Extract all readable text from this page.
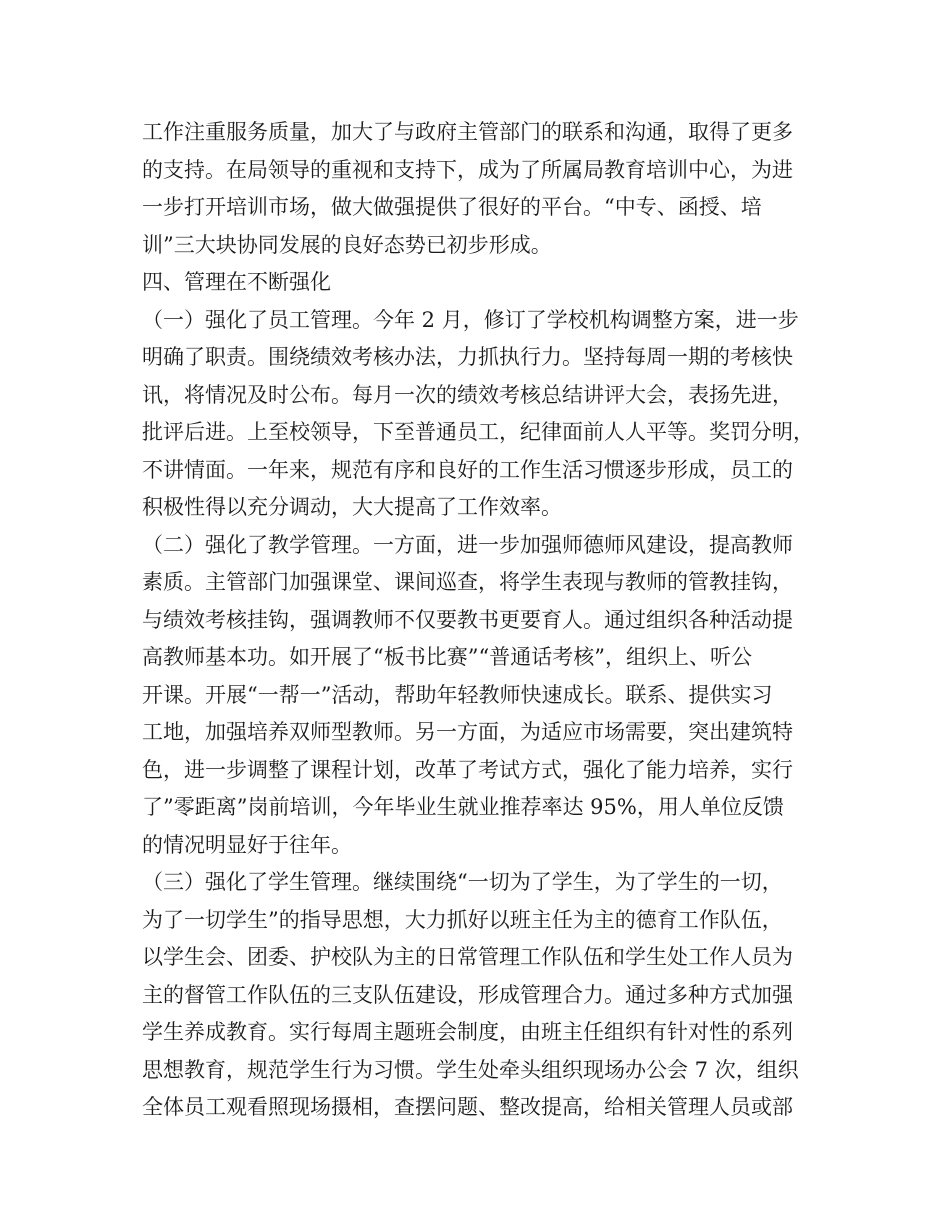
工作注重服务质量，加大了与政府主管部门的联系和沟通，取得了更多
的支持。在局领导的重视和支持下，成为了所属局教育培训中心，为进
一步打开培训市场，做大做强提供了很好的平台。“中专、函授、培
训”三大块协同发展的良好态势已初步形成。
四、管理在不断强化
（一）强化了员工管理。今年 2 月，修订了学校机构调整方案，进一步
明确了职责。围绕绩效考核办法，力抓执行力。坚持每周一期的考核快
讯，将情况及时公布。每月一次的绩效考核总结讲评大会，表扬先进，
批评后进。上至校领导，下至普通员工，纪律面前人人平等。奖罚分明，
不讲情面。一年来，规范有序和良好的工作生活习惯逐步形成，员工的
积极性得以充分调动，大大提高了工作效率。
（二）强化了教学管理。一方面，进一步加强师德师风建设，提高教师
素质。主管部门加强课堂、课间巡查，将学生表现与教师的管教挂钩，
与绩效考核挂钩，强调教师不仅要教书更要育人。通过组织各种活动提
高教师基本功。如开展了“板书比赛”“普通话考核”，组织上、听公
开课。开展“一帮一”活动，帮助年轻教师快速成长。联系、提供实习
工地，加强培养双师型教师。另一方面，为适应市场需要，突出建筑特
色，进一步调整了课程计划，改革了考试方式，强化了能力培养，实行
了”零距离”岗前培训，今年毕业生就业推荐率达 95%，用人单位反馈
的情况明显好于往年。
（三）强化了学生管理。继续围绕“一切为了学生，为了学生的一切，
为了一切学生”的指导思想，大力抓好以班主任为主的德育工作队伍，
以学生会、团委、护校队为主的日常管理工作队伍和学生处工作人员为
主的督管工作队伍的三支队伍建设，形成管理合力。通过多种方式加强
学生养成教育。实行每周主题班会制度，由班主任组织有针对性的系列
思想教育，规范学生行为习惯。学生处牵头组织现场办公会 7 次，组织
全体员工观看照现场摄相，查摆问题、整改提高，给相关管理人员或部
